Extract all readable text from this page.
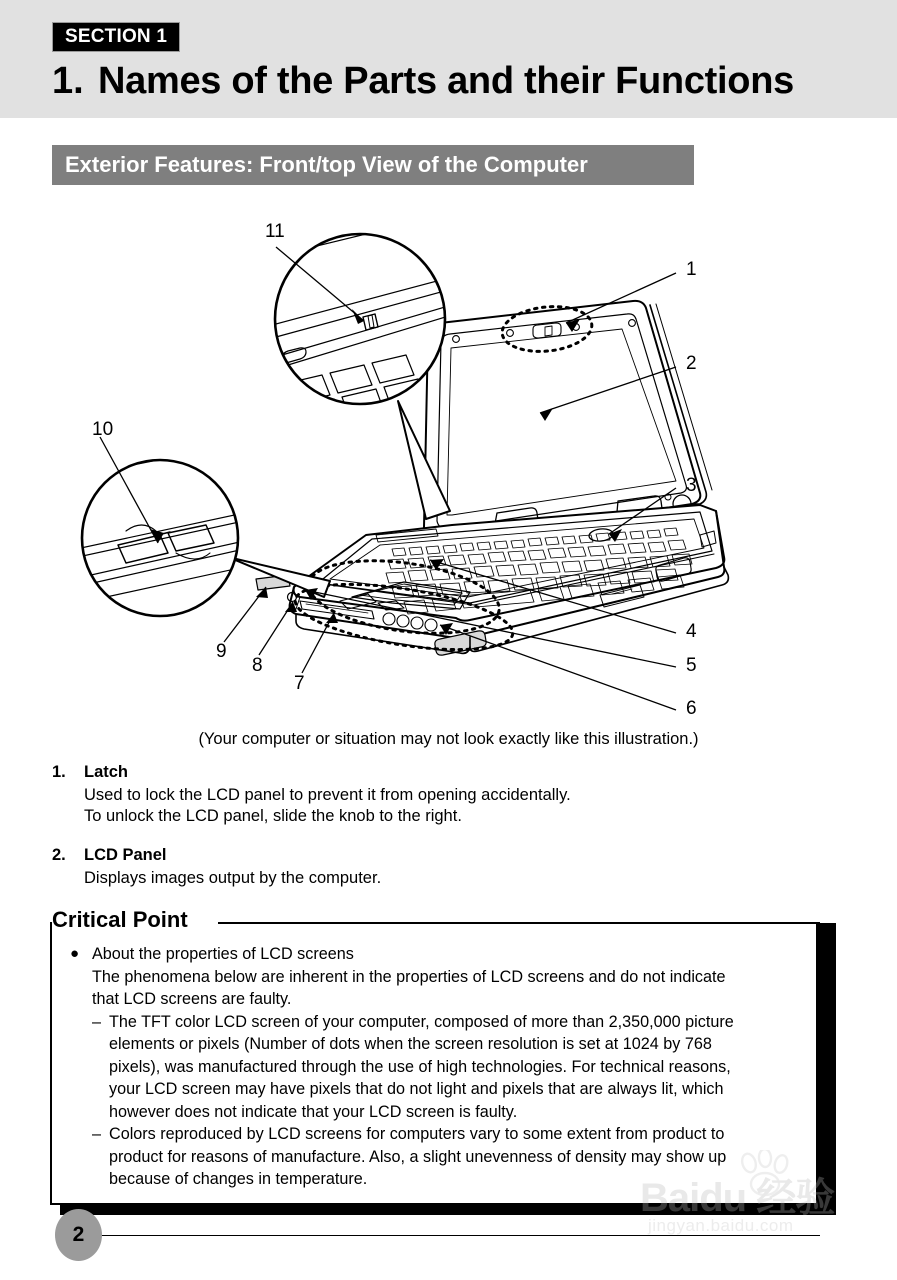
SECTION 1
1. Names of the Parts and their Functions
Exterior Features: Front/top View of the Computer
11
1
2
10
3
4
5
6
9
8
7
(Your computer or situation may not look exactly like this illustration.)
1.	Latch
Used to lock the LCD panel to prevent it from opening accidentally.
To unlock the LCD panel, slide the knob to the right.
2.	LCD Panel
Displays images output by the computer.
Critical Point
● About the properties of LCD screens
The phenomena below are inherent in the properties of LCD screens and do not indicate
that LCD screens are faulty.
– The TFT color LCD screen of your computer, composed of more than 2,350,000 picture
elements or pixels (Number of dots when the screen resolution is set at 1024 by 768
pixels), was manufactured through the use of high technologies. For technical reasons,
your LCD screen may have pixels that do not light and pixels that are always lit, which
however does not indicate that your LCD screen is faulty.
– Colors reproduced by LCD screens for computers vary to some extent from product to
product for reasons of manufacture. Also, a slight unevenness of density may show up
because of changes in temperature.	Baidu 经验
jingyan.baidu.com
2
